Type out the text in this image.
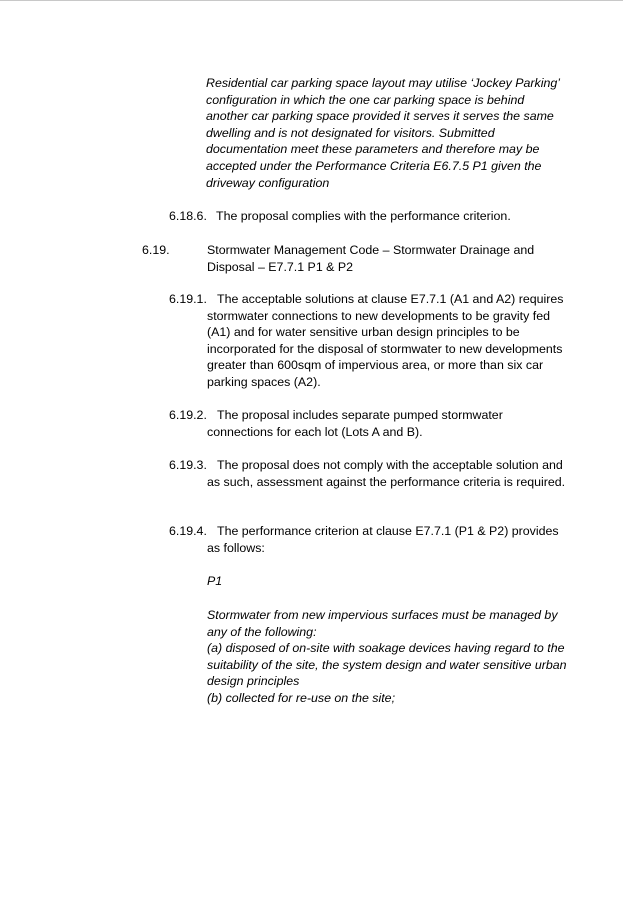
Residential car parking space layout may utilise ‘Jockey Parking’ configuration in which the one car parking space is behind another car parking space provided it serves it serves the same dwelling and is not designated for visitors. Submitted documentation meet these parameters and therefore may be accepted under the Performance Criteria E6.7.5 P1 given the driveway configuration
6.18.6. The proposal complies with the performance criterion.
6.19.	Stormwater Management Code – Stormwater Drainage and Disposal – E7.7.1 P1 & P2
6.19.1. The acceptable solutions at clause E7.7.1 (A1 and A2) requires stormwater connections to new developments to be gravity fed (A1) and for water sensitive urban design principles to be incorporated for the disposal of stormwater to new developments greater than 600sqm of impervious area, or more than six car parking spaces (A2).
6.19.2. The proposal includes separate pumped stormwater connections for each lot (Lots A and B).
6.19.3. The proposal does not comply with the acceptable solution and as such, assessment against the performance criteria is required.
6.19.4. The performance criterion at clause E7.7.1 (P1 & P2) provides as follows:
P1
Stormwater from new impervious surfaces must be managed by any of the following:
(a) disposed of on-site with soakage devices having regard to the suitability of the site, the system design and water sensitive urban design principles
(b) collected for re-use on the site;
